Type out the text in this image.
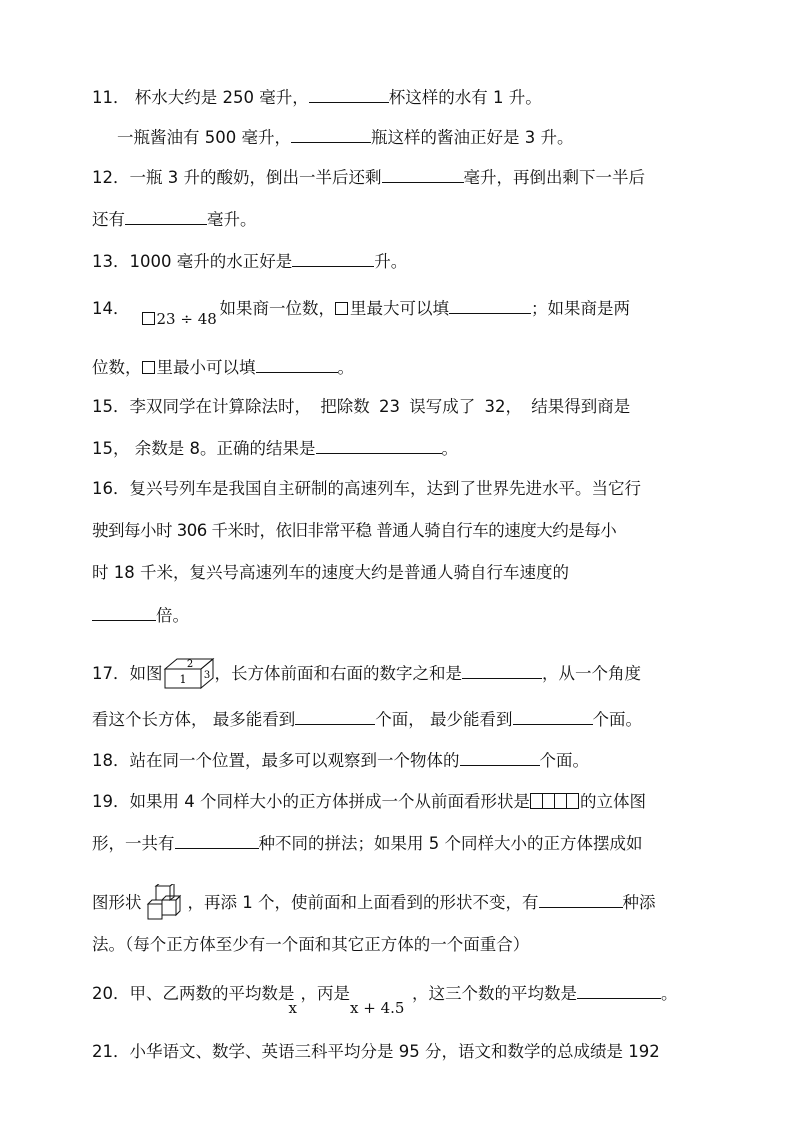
11． 杯水大约是 250 毫升，	杯这样的水有 1 升。
一瓶酱油有 500 毫升，	瓶这样的酱油正好是 3 升。
12．一瓶 3 升的酸奶，倒出一半后还剩	毫升，再倒出剩下一半后
还有	毫升。
13．1000 毫升的水正好是	升。
14．
23 ÷ 48
如果商一位数， 里最大可以填	；如果商是两
位数， 里最小可以填	。
15．李双同学在计算除法时， 把除数 23 误写成了 32， 结果得到商是
15， 余数是 8。正确的结果是	。
16．复兴号列车是我国自主研制的高速列车，达到了世界先进水平。当它行
驶到每小时 306 千米时，依旧非常平稳 普通人骑自行车的速度大约是每小
时 18 千米，复兴号高速列车的速度大约是普通人骑自行车速度的
倍。
17．如图 2
1 3 ，长方体前面和右面的数字之和是	，从一个角度
看这个长方体， 最多能看到	个面， 最少能看到	个面。
18．站在同一个位置，最多可以观察到一个物体的	个面。
19．如果用 4 个同样大小的正方体拼成一个从前面看形状是	的立体图
形，一共有	种不同的拼法；如果用 5 个同样大小的正方体摆成如
图形状	，再添 1 个，使前面和上面看到的形状不变，有	种添
法。（每个正方体至少有一个面和其它正方体的一个面重合）
20．甲、乙两数的平均数是
x
，丙是
x + 4.5
，这三个数的平均数是	。
21．小华语文、数学、英语三科平均分是 95 分，语文和数学的总成绩是 192
